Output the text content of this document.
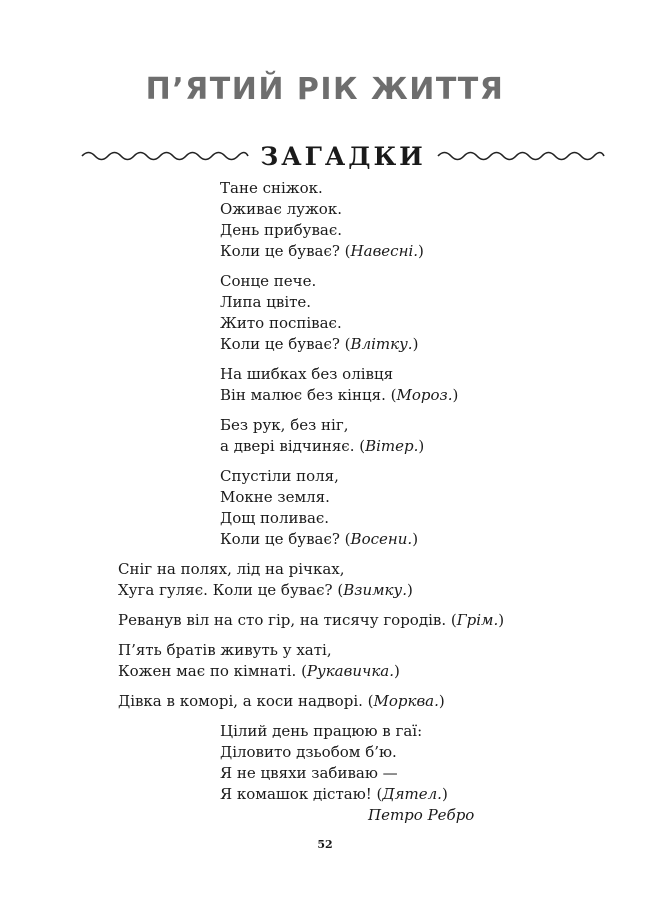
П’ЯТИЙ РІК ЖИТТЯ
ЗАГАДКИ
Тане сніжок.
Оживає лужок.
День прибуває.
Коли це буває? (Навесні.)
Сонце пече.
Липа цвіте.
Жито поспіває.
Коли це буває? (Влітку.)
На шибках без олівця
Він малює без кінця. (Мороз.)
Без рук, без ніг,
а двері відчиняє. (Вітер.)
Спустіли поля,
Мокне земля.
Дощ поливає.
Коли це буває? (Восени.)
Сніг на полях, лід на річках,
Хуга гуляє. Коли це буває? (Взимку.)
Реванув віл на сто гір, на тисячу городів. (Грім.)
П’ять братів живуть у хаті,
Кожен має по кімнаті. (Рукавичка.)
Дівка в коморі, а коси надворі. (Морква.)
Цілий день працюю в гаї:
Діловито дзьобом б’ю.
Я не цвяхи забиваю —
Я комашок дістаю! (Дятел.)
Петро Ребро
52
